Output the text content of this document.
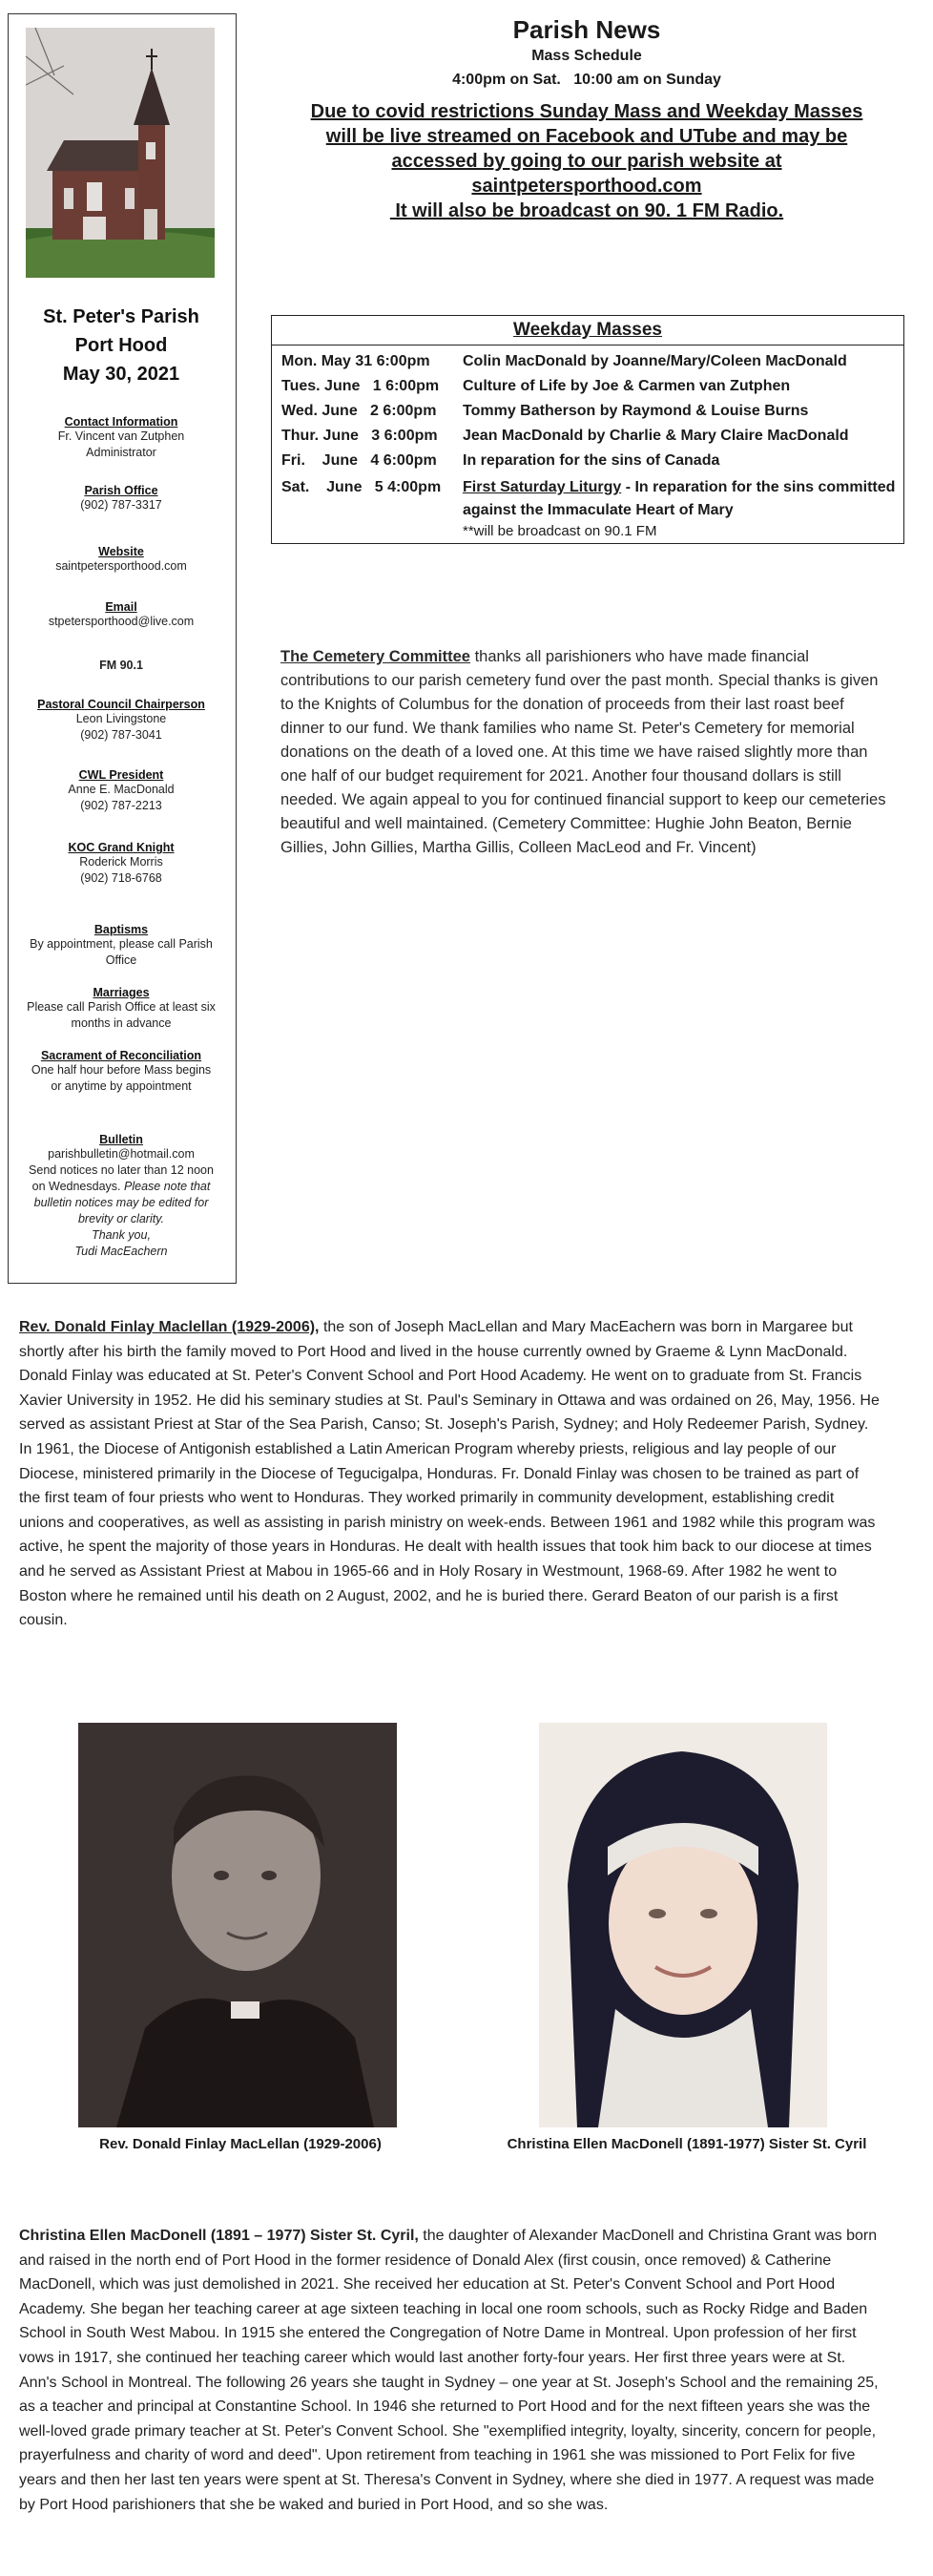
St. Peter's Parish
Port Hood
May 30, 2021
Contact Information
Fr. Vincent van Zutphen
Administrator
Parish Office
(902) 787-3317
Website
saintpetersporthood.com
Email
stpetersporthood@live.com
FM 90.1
Pastoral Council Chairperson
Leon Livingstone
(902) 787-3041
CWL President
Anne E. MacDonald
(902) 787-2213
KOC Grand Knight
Roderick Morris
(902) 718-6768
Baptisms
By appointment, please call Parish Office
Marriages
Please call Parish Office at least six months in advance
Sacrament of Reconciliation
One half hour before Mass begins or anytime by appointment
Bulletin
parishbulletin@hotmail.com
Send notices no later than 12 noon on Wednesdays. Please note that bulletin notices may be edited for brevity or clarity.
Thank you,
Tudi MacEachern
Parish News
Mass Schedule
4:00pm on Sat.   10:00 am on Sunday
Due to covid restrictions Sunday Mass and Weekday Masses
will be live streamed on Facebook and UTube and may be
accessed by going to our parish website at
saintpetersporthood.com
It will also be broadcast on 90. 1 FM Radio.
Weekday Masses
Mon. May 31 6:00pm	Colin MacDonald by Joanne/Mary/Coleen MacDonald
Tues. June   1 6:00pm	Culture of Life by Joe & Carmen van Zutphen
Wed. June   2 6:00pm	Tommy Batherson by Raymond & Louise Burns
Thur. June   3 6:00pm	Jean MacDonald by Charlie & Mary Claire MacDonald
Fri.    June   4 6:00pm	In reparation for the sins of Canada
Sat.    June   5 4:00pm First Saturday Liturgy - In reparation for the sins committed against the Immaculate Heart of Mary
**will be broadcast on 90.1 FM
The Cemetery Committee thanks all parishioners who have made financial contributions to our parish cemetery fund over the past month. Special thanks is given to the Knights of Columbus for the donation of proceeds from their last roast beef dinner to our fund. We thank families who name St. Peter's Cemetery for memorial donations on the death of a loved one. At this time we have raised slightly more than one half of our budget requirement for 2021. Another four thousand dollars is still needed. We again appeal to you for continued financial support to keep our cemeteries beautiful and well maintained. (Cemetery Committee: Hughie John Beaton, Bernie Gillies, John Gillies, Martha Gillis, Colleen MacLeod and Fr. Vincent)
Rev. Donald Finlay Maclellan (1929-2006), the son of Joseph MacLellan and Mary MacEachern was born in Margaree but shortly after his birth the family moved to Port Hood and lived in the house currently owned by Graeme & Lynn MacDonald. Donald Finlay was educated at St. Peter's Convent School and Port Hood Academy. He went on to graduate from St. Francis Xavier University in 1952. He did his seminary studies at St. Paul's Seminary in Ottawa and was ordained on 26, May, 1956. He served as assistant Priest at Star of the Sea Parish, Canso; St. Joseph's Parish, Sydney; and Holy Redeemer Parish, Sydney. In 1961, the Diocese of Antigonish established a Latin American Program whereby priests, religious and lay people of our Diocese, ministered primarily in the Diocese of Tegucigalpa, Honduras. Fr. Donald Finlay was chosen to be trained as part of the first team of four priests who went to Honduras. They worked primarily in community development, establishing credit unions and cooperatives, as well as assisting in parish ministry on week-ends. Between 1961 and 1982 while this program was active, he spent the majority of those years in Honduras. He dealt with health issues that took him back to our diocese at times and he served as Assistant Priest at Mabou in 1965-66 and in Holy Rosary in Westmount, 1968-69. After 1982 he went to Boston where he remained until his death on 2 August, 2002, and he is buried there. Gerard Beaton of our parish is a first cousin.
Rev. Donald Finlay MacLellan (1929-2006)	Christina Ellen MacDonell (1891-1977) Sister St. Cyril
Christina Ellen MacDonell (1891 – 1977) Sister St. Cyril, the daughter of Alexander MacDonell and Christina Grant was born and raised in the north end of Port Hood in the former residence of Donald Alex (first cousin, once removed) & Catherine MacDonell, which was just demolished in 2021. She received her education at St. Peter's Convent School and Port Hood Academy. She began her teaching career at age sixteen teaching in local one room schools, such as Rocky Ridge and Baden School in South West Mabou. In 1915 she entered the Congregation of Notre Dame in Montreal. Upon profession of her first vows in 1917, she continued her teaching career which would last another forty-four years. Her first three years were at St. Ann's School in Montreal. The following 26 years she taught in Sydney – one year at St. Joseph's School and the remaining 25, as a teacher and principal at Constantine School. In 1946 she returned to Port Hood and for the next fifteen years she was the well-loved grade primary teacher at St. Peter's Convent School. She "exemplified integrity, loyalty, sincerity, concern for people, prayerfulness and charity of word and deed". Upon retirement from teaching in 1961 she was missioned to Port Felix for five years and then her last ten years were spent at St. Theresa's Convent in Sydney, where she died in 1977. A request was made by Port Hood parishioners that she be waked and buried in Port Hood, and so she was.
